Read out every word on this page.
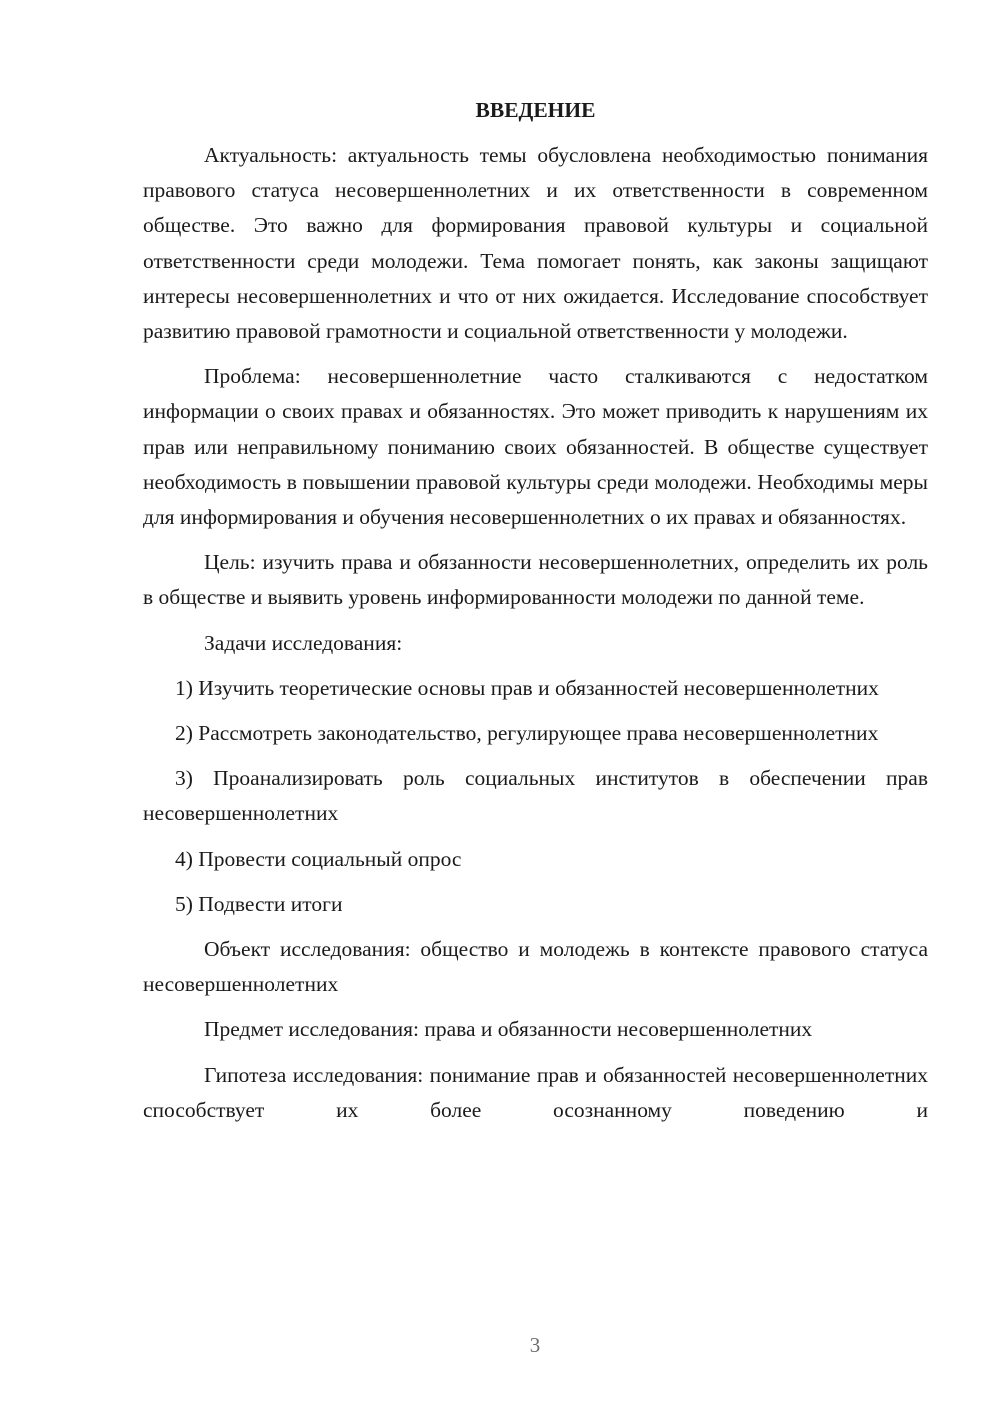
ВВЕДЕНИЕ

Актуальность: актуальность темы обусловлена необходимостью понимания правового статуса несовершеннолетних и их ответственности в современном обществе. Это важно для формирования правовой культуры и социальной ответственности среди молодежи. Тема помогает понять, как законы защищают интересы несовершеннолетних и что от них ожидается. Исследование способствует развитию правовой грамотности и социальной ответственности у молодежи.

Проблема: несовершеннолетние часто сталкиваются с недостатком информации о своих правах и обязанностях. Это может приводить к нарушениям их прав или неправильному пониманию своих обязанностей. В обществе существует необходимость в повышении правовой культуры среди молодежи. Необходимы меры для информирования и обучения несовершеннолетних о их правах и обязанностях.

Цель: изучить права и обязанности несовершеннолетних, определить их роль в обществе и выявить уровень информированности молодежи по данной теме.

Задачи исследования:

1) Изучить теоретические основы прав и обязанностей несовершеннолетних

2) Рассмотреть законодательство, регулирующее права несовершеннолетних

3) Проанализировать роль социальных институтов в обеспечении прав несовершеннолетних

4) Провести социальный опрос

5) Подвести итоги

Объект исследования: общество и молодежь в контексте правового статуса несовершеннолетних

Предмет исследования: права и обязанности несовершеннолетних

Гипотеза исследования: понимание прав и обязанностей несовершеннолетних способствует их более осознанному поведению и

3
